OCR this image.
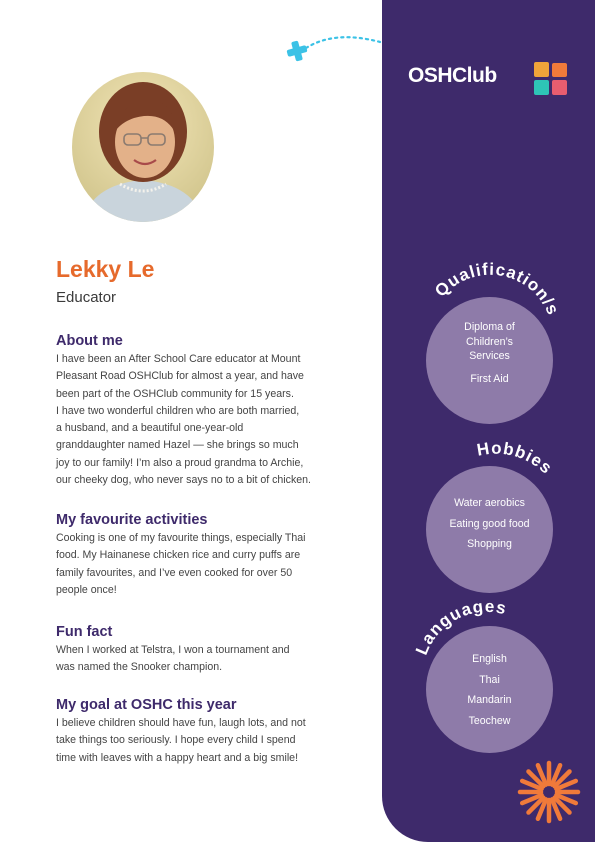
OSHClub
Lekky Le

Educator

About me
I have been an After School Care educator at Mount
Pleasant Road OSHClub for almost a year, and have
been part of the OSHClub community for 15 years.
I have two wonderful children who are both married,
a husband, and a beautiful one-year-old
granddaughter named Hazel — she brings so much
joy to our family! I’m also a proud grandma to Archie,
our cheeky dog, who never says no to a bit of chicken.
My favourite activities
Cooking is one of my favourite things, especially Thai
food. My Hainanese chicken rice and curry puffs are
family favourites, and I’ve even cooked for over 50
people once!
Fun fact
When I worked at Telstra, I won a tournament and
was named the Snooker champion.
My goal at OSHC this year
I believe children should have fun, laugh lots, and not
take things too seriously. I hope every child I spend
time with leaves with a happy heart and a big smile!
Qualification/s
Diploma of
Children’s
Services
First Aid
Hobbies
Water aerobics
Eating good food
Shopping
Languages
English
Thai
Mandarin
Teochew
